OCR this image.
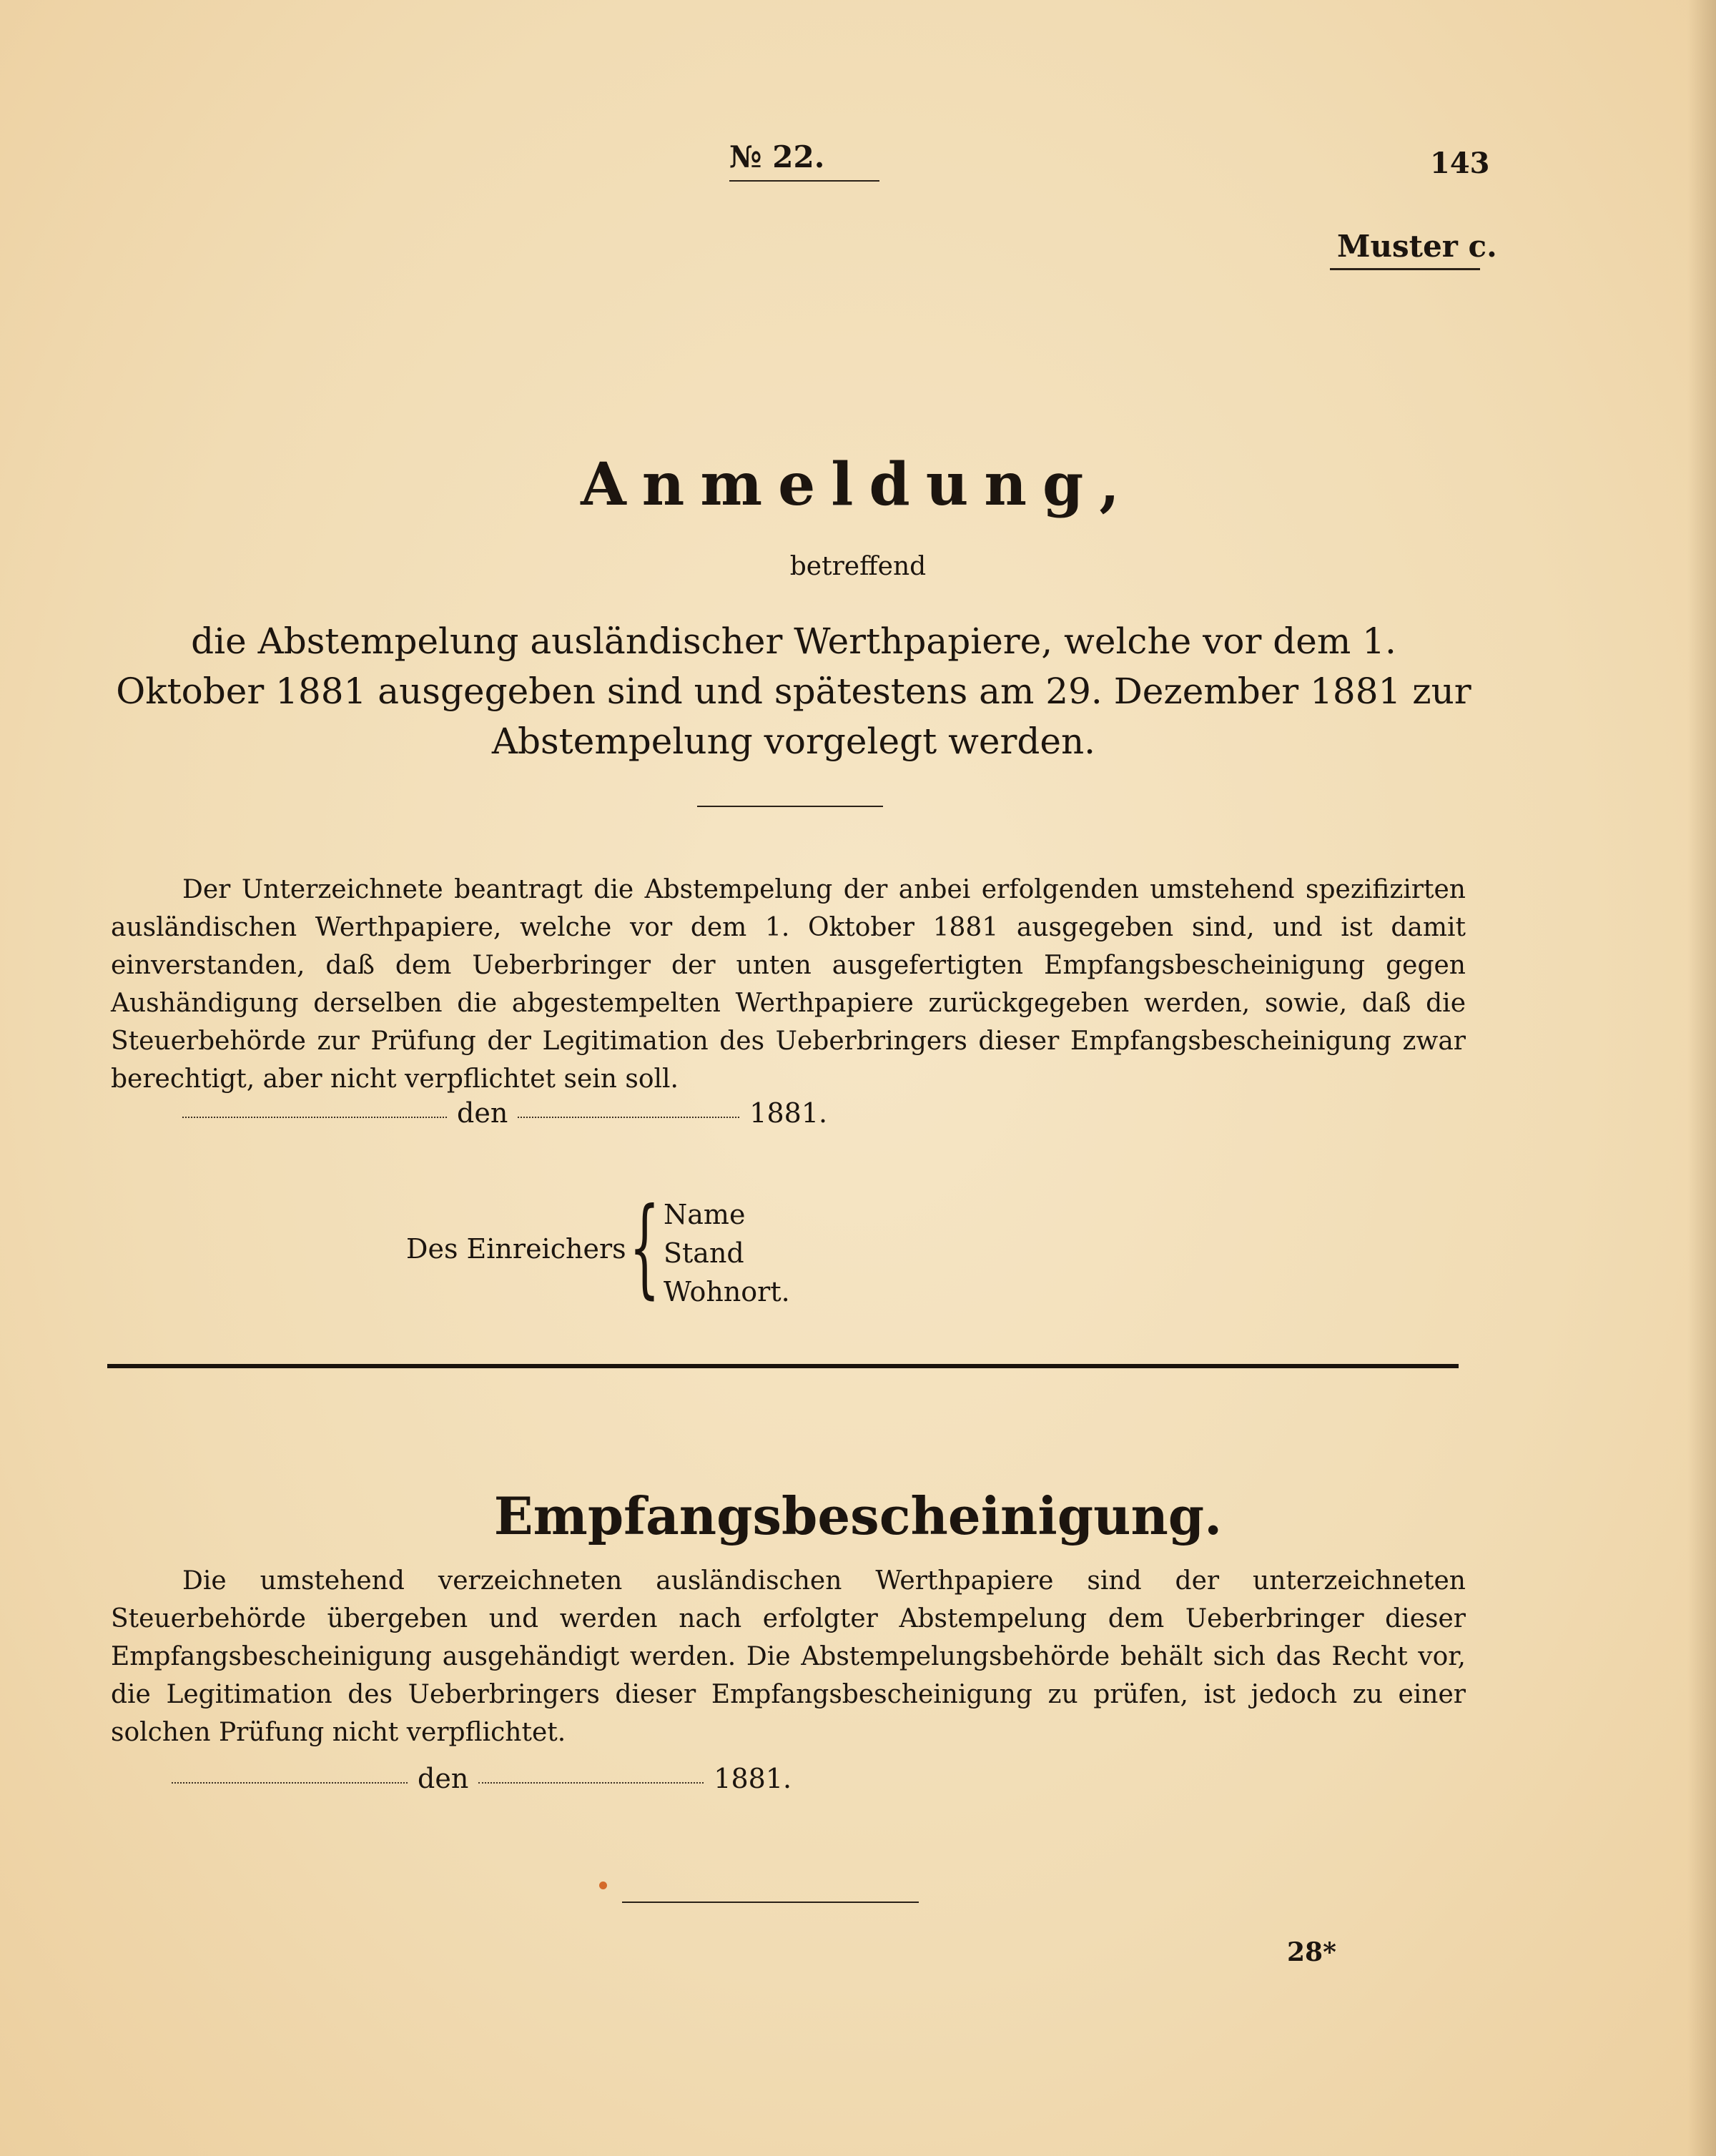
№ 22.	143
Muster c.
Anmeldung,
betreffend
die Abstempelung ausländischer Werthpapiere, welche vor dem 1. Oktober 1881 ausgegeben sind und spätestens am 29. Dezember 1881 zur Abstempelung vorgelegt werden.
Der Unterzeichnete beantragt die Abstempelung der anbei erfolgenden umstehend spezifizirten ausländischen Werthpapiere, welche vor dem 1. Oktober 1881 ausgegeben sind, und ist damit einverstanden, daß dem Ueberbringer der unten ausgefertigten Empfangsbescheinigung gegen Aushändigung derselben die abgestempelten Werthpapiere zurückgegeben werden, sowie, daß die Steuerbehörde zur Prüfung der Legitimation des Ueberbringers dieser Empfangsbescheinigung zwar berechtigt, aber nicht verpflichtet sein soll.
den	1881.
Des Einreichers { Name
Stand
Wohnort.
Empfangsbescheinigung.
Die umstehend verzeichneten ausländischen Werthpapiere sind der unterzeichneten Steuerbehörde übergeben und werden nach erfolgter Abstempelung dem Ueberbringer dieser Empfangsbescheinigung ausgehändigt werden. Die Abstempelungsbehörde behält sich das Recht vor, die Legitimation des Ueberbringers dieser Empfangsbescheinigung zu prüfen, ist jedoch zu einer solchen Prüfung nicht verpflichtet.
den	1881.
28*
